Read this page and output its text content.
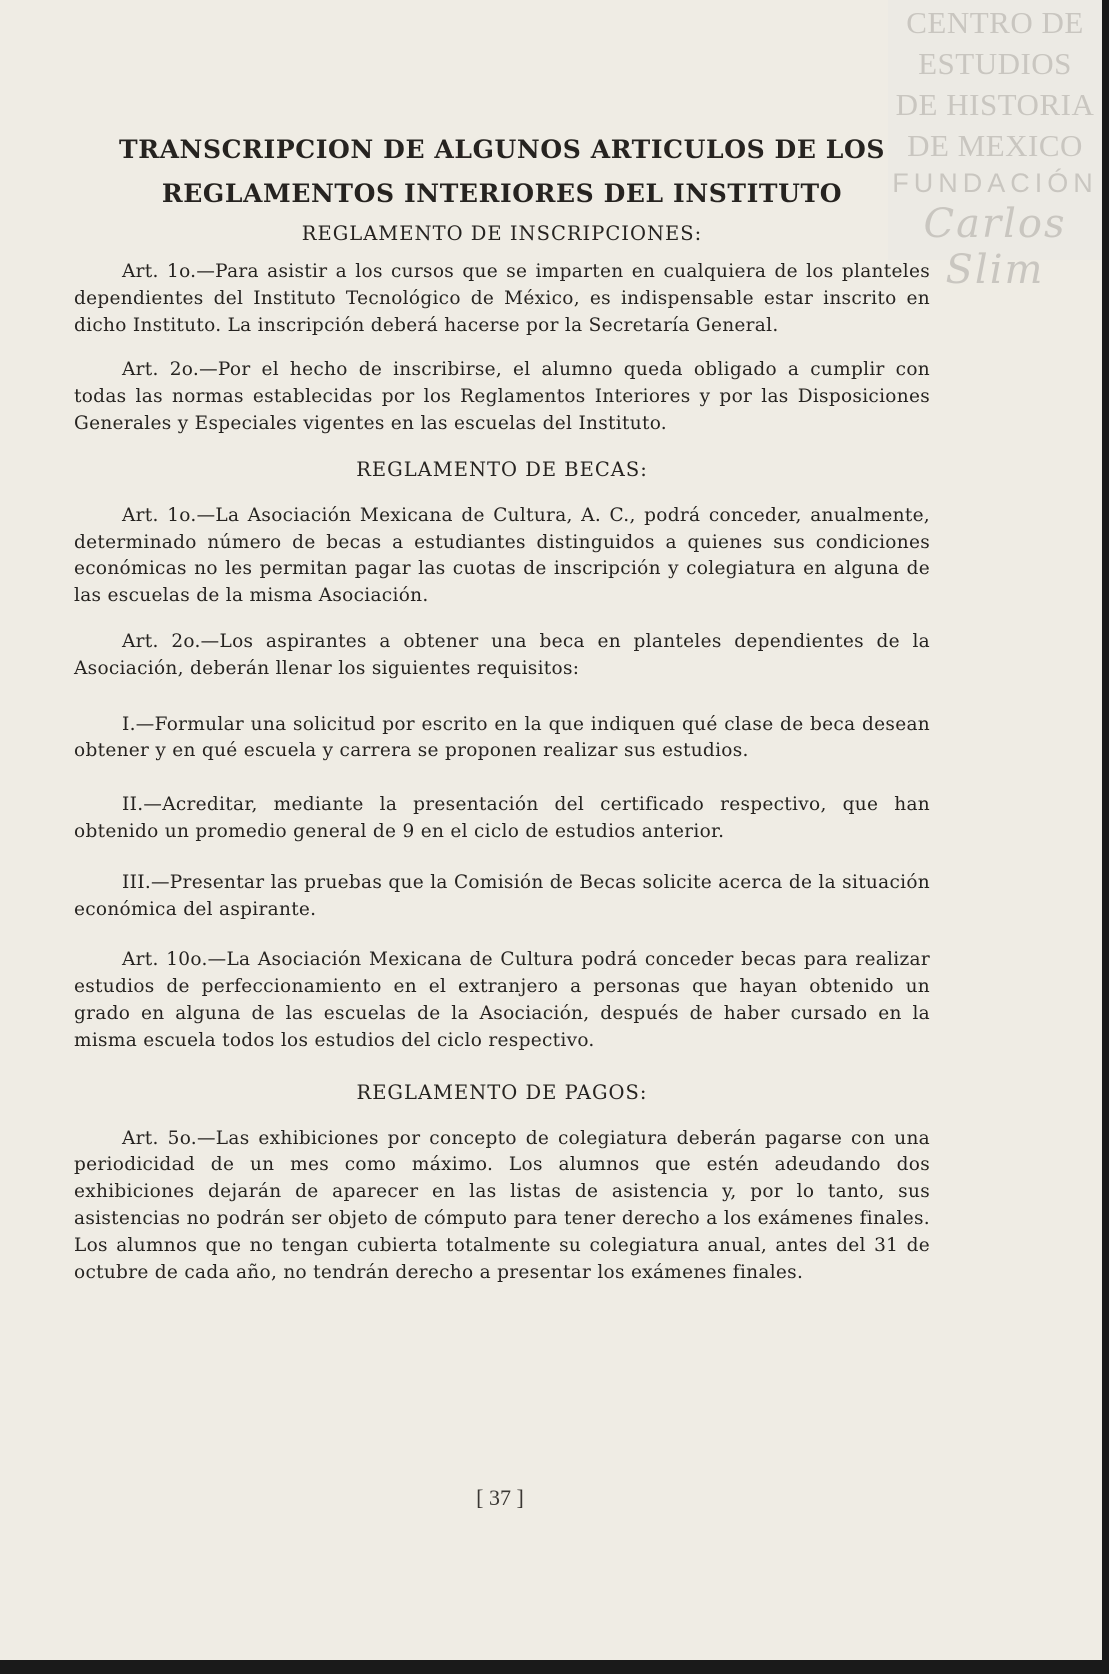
CENTRO DE
ESTUDIOS
DE HISTORIA
DE MEXICO
FUNDACIÓN
Carlos Slim
TRANSCRIPCION DE ALGUNOS ARTICULOS DE LOS
REGLAMENTOS INTERIORES DEL INSTITUTO
REGLAMENTO DE INSCRIPCIONES:

Art. 1o.—Para asistir a los cursos que se imparten en cualquiera de los planteles dependientes del Instituto Tecnológico de México, es indispensable estar inscrito en dicho Instituto. La inscripción deberá hacerse por la Secretaría General.

Art. 2o.—Por el hecho de inscribirse, el alumno queda obligado a cumplir con todas las normas establecidas por los Reglamentos Interiores y por las Disposiciones Generales y Especiales vigentes en las escuelas del Instituto.

REGLAMENTO DE BECAS:

Art. 1o.—La Asociación Mexicana de Cultura, A. C., podrá conceder, anualmente, determinado número de becas a estudiantes distinguidos a quienes sus condiciones económicas no les permitan pagar las cuotas de inscripción y colegiatura en alguna de las escuelas de la misma Asociación.

Art. 2o.—Los aspirantes a obtener una beca en planteles dependientes de la Asociación, deberán llenar los siguientes requisitos:

I.—Formular una solicitud por escrito en la que indiquen qué clase de beca desean obtener y en qué escuela y carrera se proponen realizar sus estudios.

II.—Acreditar, mediante la presentación del certificado respectivo, que han obtenido un promedio general de 9 en el ciclo de estudios anterior.

III.—Presentar las pruebas que la Comisión de Becas solicite acerca de la situación económica del aspirante.

Art. 10o.—La Asociación Mexicana de Cultura podrá conceder becas para realizar estudios de perfeccionamiento en el extranjero a personas que hayan obtenido un grado en alguna de las escuelas de la Asociación, después de haber cursado en la misma escuela todos los estudios del ciclo respectivo.

REGLAMENTO DE PAGOS:

Art. 5o.—Las exhibiciones por concepto de colegiatura deberán pagarse con una periodicidad de un mes como máximo. Los alumnos que estén adeudando dos exhibiciones dejarán de aparecer en las listas de asistencia y, por lo tanto, sus asistencias no podrán ser objeto de cómputo para tener derecho a los exámenes finales. Los alumnos que no tengan cubierta totalmente su colegiatura anual, antes del 31 de octubre de cada año, no tendrán derecho a presentar los exámenes finales.

[ 37 ]
